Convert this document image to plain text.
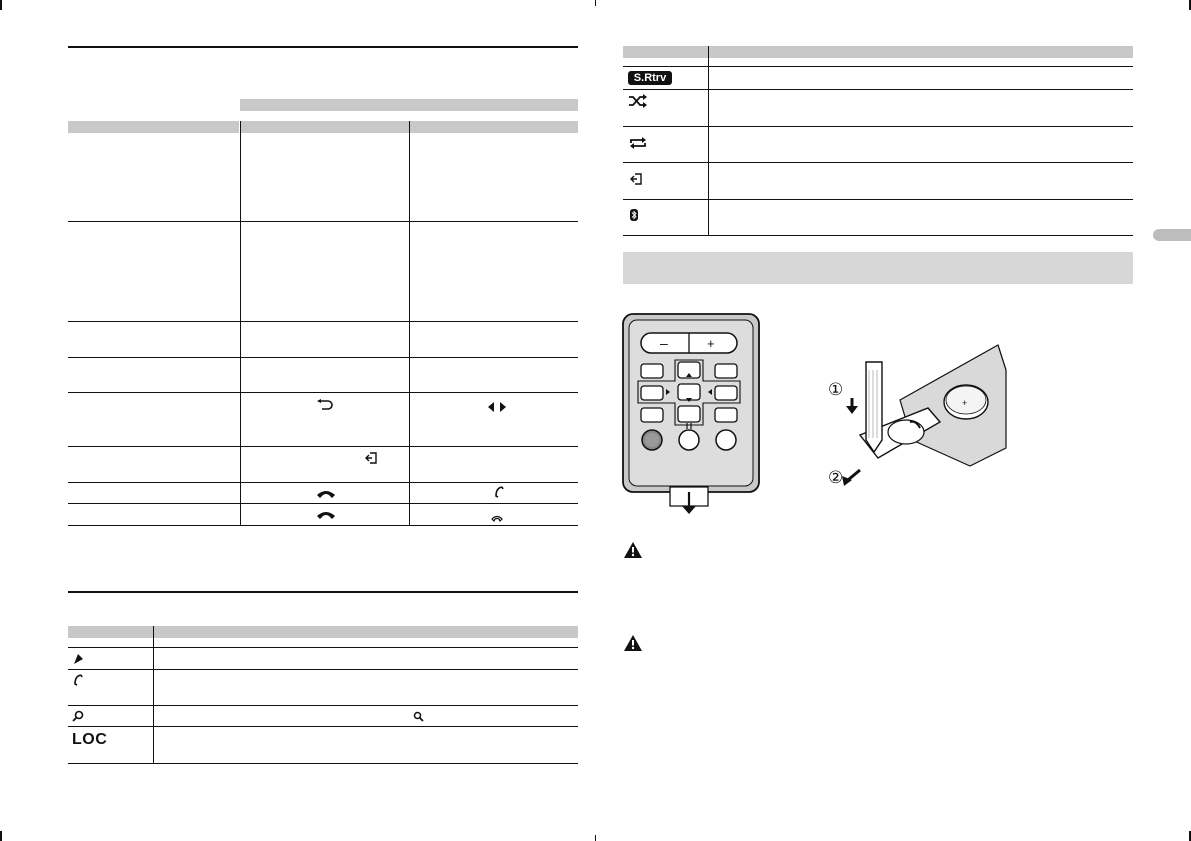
LOC
S.Rtrv
–	+
+
①
②
